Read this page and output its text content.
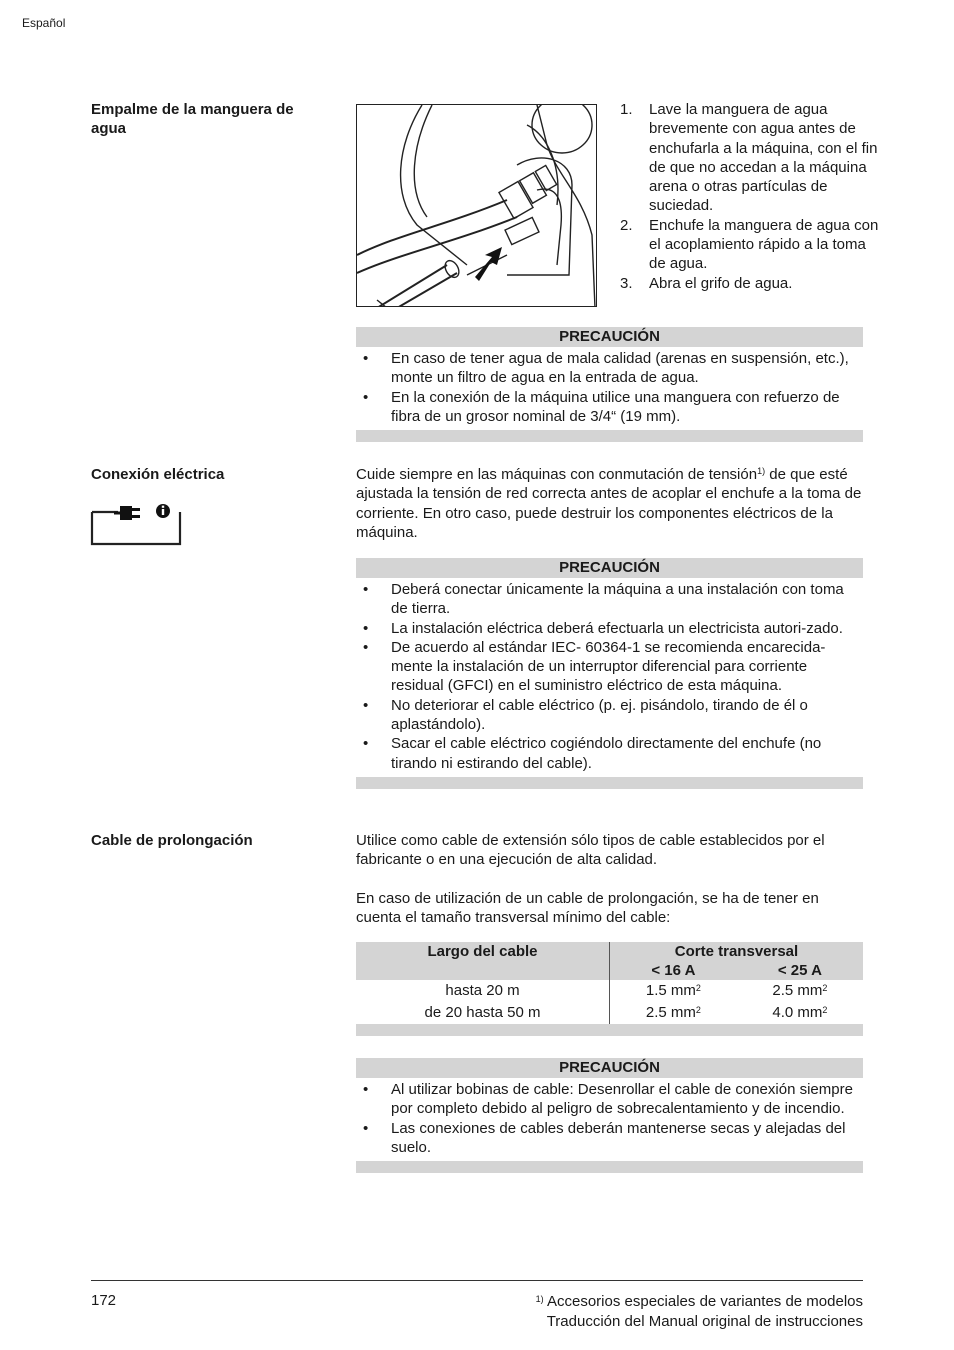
Español
Empalme de la manguera de agua
1. Lave la manguera de agua brevemente con agua antes de enchufarla a la máquina, con el fin de que no accedan a la máquina arena o otras partículas de suciedad.
2. Enchufe la manguera de agua con el acoplamiento rápido a la toma de agua.
3. Abra el grifo de agua.
PRECAUCIÓN
• En caso de tener agua de mala calidad (arenas en suspensión, etc.), monte un filtro de agua en la entrada de agua.
• En la conexión de la máquina utilice una manguera con refuerzo de fibra de un grosor nominal de 3/4“ (19 mm).
Conexión eléctrica	Cuide siempre en las máquinas con conmutación de tensión$^{1)}$ de que esté ajustada la tensión de red correcta antes de acoplar el enchufe a la toma de corriente. En otro caso, puede destruir los componentes eléctricos de la máquina.
PRECAUCIÓN
• Deberá conectar únicamente la máquina a una instalación con toma de tierra.
• La instalación eléctrica deberá efectuarla un electricista autori-zado.
• De acuerdo al estándar IEC- 60364-1 se recomienda encarecida-mente la instalación de un interruptor diferencial para corriente residual (GFCI) en el suministro eléctrico de esta máquina.
• No deteriorar el cable eléctrico (p. ej. pisándolo, tirando de él o aplastándolo).
• Sacar el cable eléctrico cogiéndolo directamente del enchufe (no tirando ni estirando del cable).
Cable de prolongación	Utilice como cable de extensión sólo tipos de cable establecidos por el fabricante o en una ejecución de alta calidad.
En caso de utilización de un cable de prolongación, se ha de tener en cuenta el tamaño transversal mínimo del cable:
Largo del cable	Corte transversal	
	< 16 A	< 25 A
hasta 20 m	1.5 $mm^2$	2.5 $mm^2$
de 20 hasta 50 m	2.5 $mm^2$	4.0 $mm^2$
PRECAUCIÓN
• Al utilizar bobinas de cable: Desenrollar el cable de conexión siempre por completo debido al peligro de sobrecalentamiento y de incendio.
• Las conexiones de cables deberán mantenerse secas y alejadas del suelo.
172	$^{1)}$ Accesorios especiales de variantes de modelos
Traducción del Manual original de instrucciones
